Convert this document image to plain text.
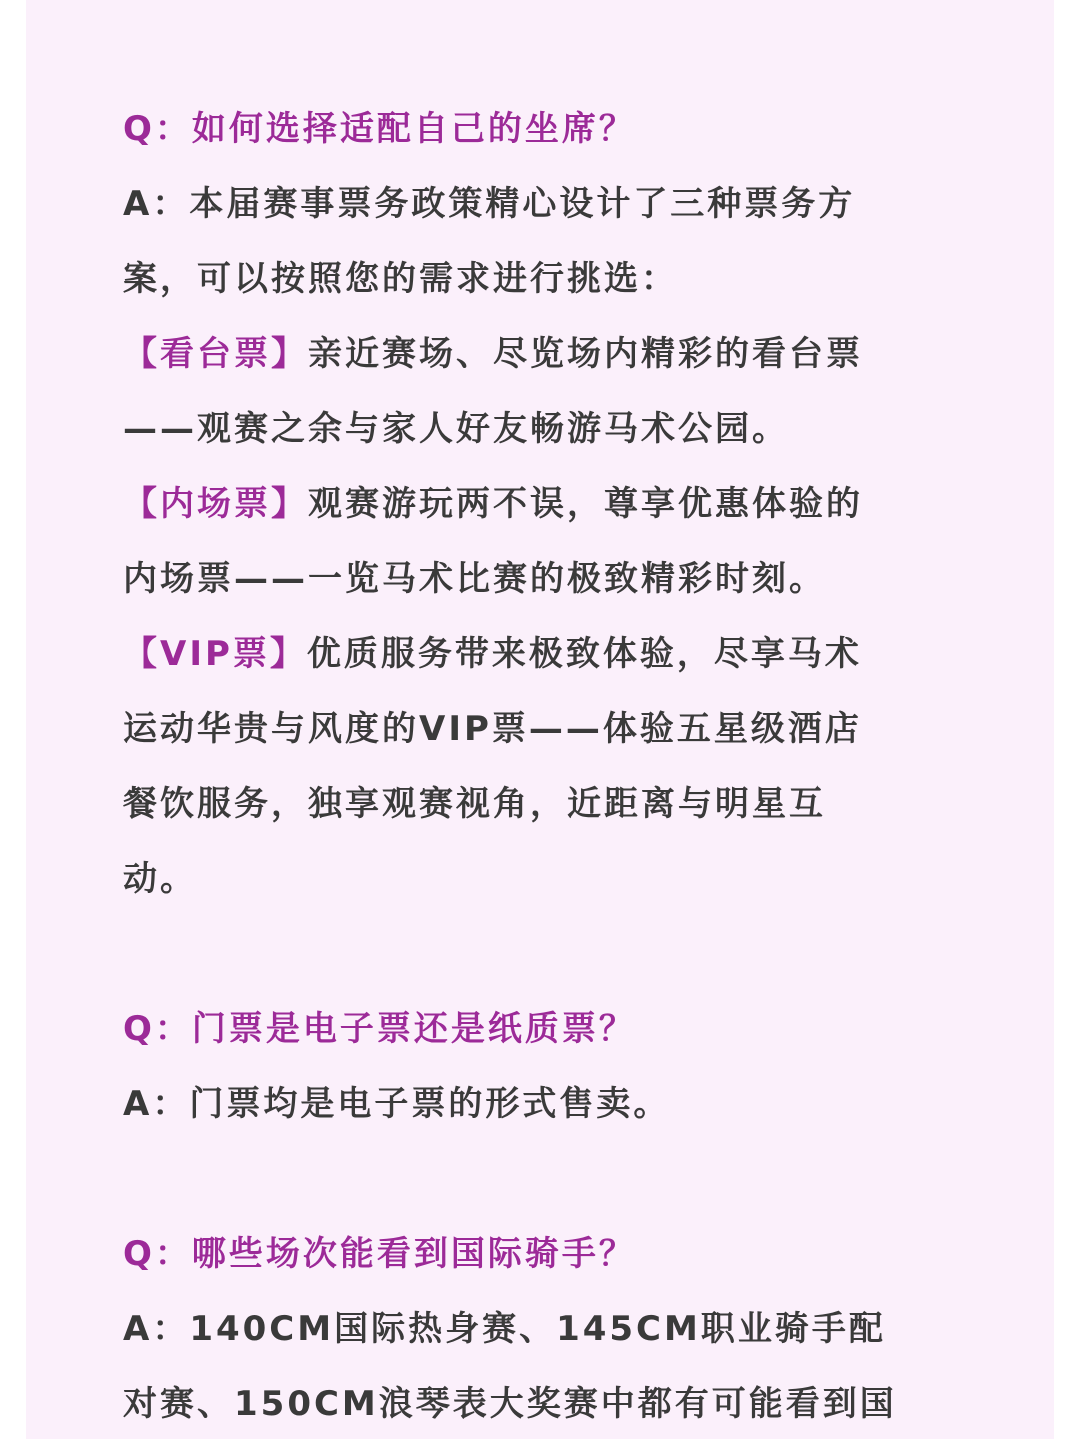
Q：如何选择适配自己的坐席？
A：本届赛事票务政策精心设计了三种票务方
案，可以按照您的需求进行挑选：
【看台票】亲近赛场、尽览场内精彩的看台票
——观赛之余与家人好友畅游马术公园。
【内场票】观赛游玩两不误，尊享优惠体验的
内场票——一览马术比赛的极致精彩时刻。
【VIP票】优质服务带来极致体验，尽享马术
运动华贵与风度的VIP票——体验五星级酒店
餐饮服务，独享观赛视角，近距离与明星互
动。
Q：门票是电子票还是纸质票？
A：门票均是电子票的形式售卖。
Q：哪些场次能看到国际骑手？
A：140CM国际热身赛、145CM职业骑手配
对赛、150CM浪琴表大奖赛中都有可能看到国
